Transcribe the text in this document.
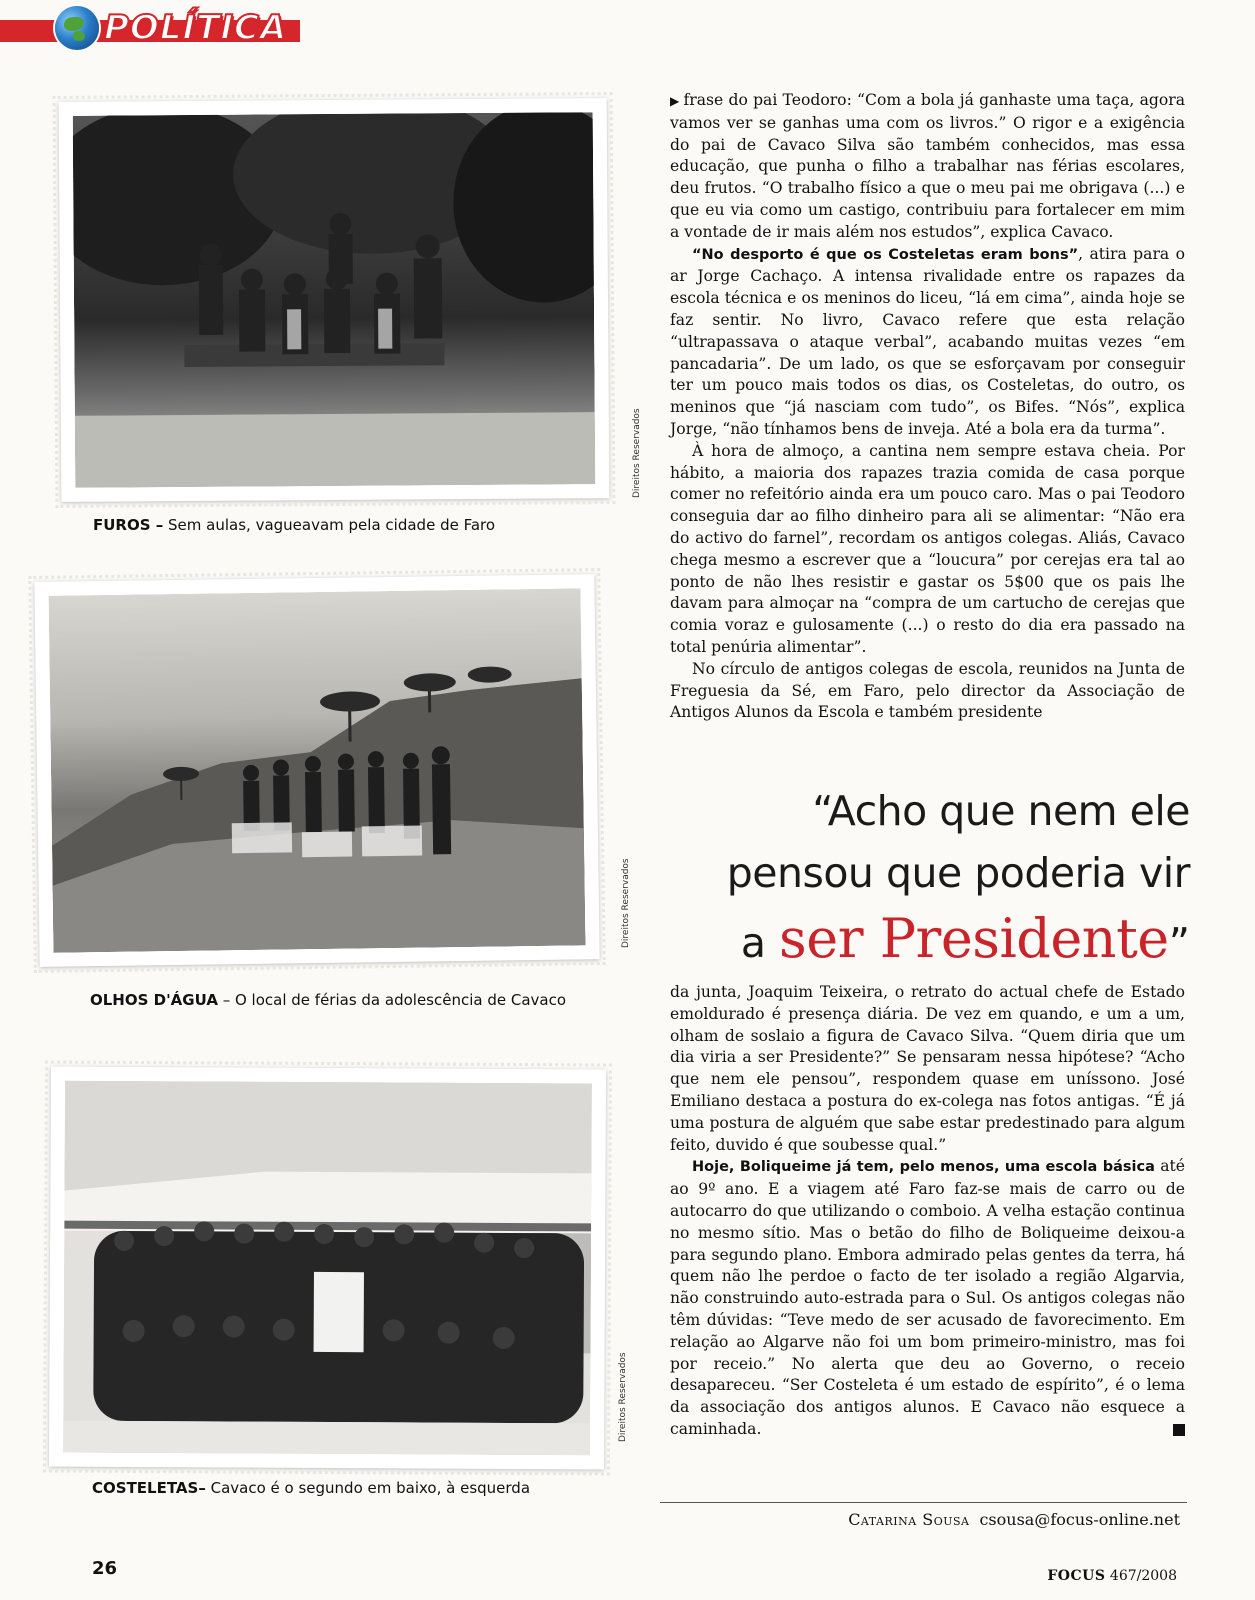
POLÍTICA
Direitos Reservados
FUROS – Sem aulas, vagueavam pela cidade de Faro
Direitos Reservados
OLHOS D'ÁGUA – O local de férias da adolescência de Cavaco
Direitos Reservados
COSTELETAS– Cavaco é o segundo em baixo, à esquerda

▶ frase do pai Teodoro: “Com a bola já ganhaste uma taça, agora vamos ver se ganhas uma com os livros.” O rigor e a exigência do pai de Cavaco Silva são também conhecidos, mas essa educação, que punha o filho a trabalhar nas férias escolares, deu frutos. “O trabalho físico a que o meu pai me obrigava (...) e que eu via como um castigo, contribuiu para fortalecer em mim a vontade de ir mais além nos estudos”, explica Cavaco.

“No desporto é que os Costeletas eram bons”, atira para o ar Jorge Cachaço. A intensa rivalidade entre os rapazes da escola técnica e os meninos do liceu, “lá em cima”, ainda hoje se faz sentir. No livro, Cavaco refere que esta relação “ultrapassava o ataque verbal”, acabando muitas vezes “em pancadaria”. De um lado, os que se esforçavam por conseguir ter um pouco mais todos os dias, os Costeletas, do outro, os meninos que “já nasciam com tudo”, os Bifes. “Nós”, explica Jorge, “não tínhamos bens de inveja. Até a bola era da turma”.

À hora de almoço, a cantina nem sempre estava cheia. Por hábito, a maioria dos rapazes trazia comida de casa porque comer no refeitório ainda era um pouco caro. Mas o pai Teodoro conseguia dar ao filho dinheiro para ali se alimentar: “Não era do activo do farnel”, recordam os antigos colegas. Aliás, Cavaco chega mesmo a escrever que a “loucura” por cerejas era tal ao ponto de não lhes resistir e gastar os 5$00 que os pais lhe davam para almoçar na “compra de um cartucho de cerejas que comia voraz e gulosamente (...) o resto do dia era passado na total penúria alimentar”.

No círculo de antigos colegas de escola, reunidos na Junta de Freguesia da Sé, em Faro, pelo director da Associação de Antigos Alunos da Escola e também presidente

“Acho que nem ele
pensou que poderia vir
a ser Presidente”

da junta, Joaquim Teixeira, o retrato do actual chefe de Estado emoldurado é presença diária. De vez em quando, e um a um, olham de soslaio a figura de Cavaco Silva. “Quem diria que um dia viria a ser Presidente?” Se pensaram nessa hipótese? “Acho que nem ele pensou”, respondem quase em uníssono. José Emiliano destaca a postura do ex-colega nas fotos antigas. “É já uma postura de alguém que sabe estar predestinado para algum feito, duvido é que soubesse qual.”

Hoje, Boliqueime já tem, pelo menos, uma escola básica até ao 9º ano. E a viagem até Faro faz-se mais de carro ou de autocarro do que utilizando o comboio. A velha estação continua no mesmo sítio. Mas o betão do filho de Boliqueime deixou-a para segundo plano. Embora admirado pelas gentes da terra, há quem não lhe perdoe o facto de ter isolado a região Algarvia, não construindo auto-estrada para o Sul. Os antigos colegas não têm dúvidas: “Teve medo de ser acusado de favorecimento. Em relação ao Algarve não foi um bom primeiro-ministro, mas foi por receio.” No alerta que deu ao Governo, o receio desapareceu. “Ser Costeleta é um estado de espírito”, é o lema da associação dos antigos alunos. E Cavaco não esquece a caminhada.

Catarina Sousa csousa@focus-online.net
26	FOCUS 467/2008
